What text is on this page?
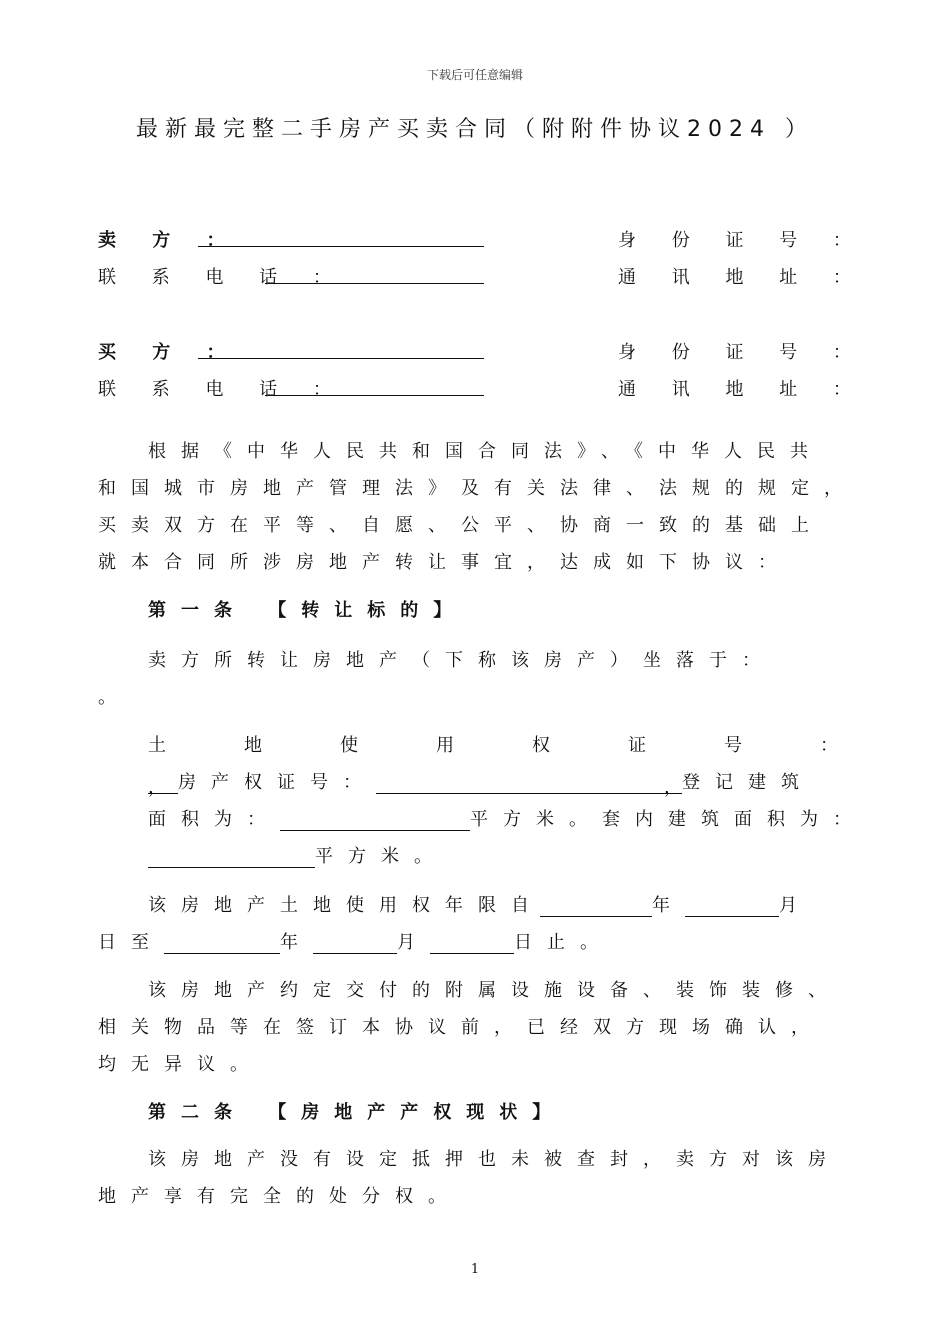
下载后可任意编辑
最新最完整二手房产买卖合同（附附件协议2024 ）
卖 方 ：	身 份 证 号 ：
联 系 电 话 ：	通 讯 地 址 ：
买 方 ：	身 份 证 号 ：
联 系 电 话 ：	通 讯 地 址 ：
根据《中华人民共和国合同法》、《中华人民共
和国城市房地产管理法》及有关法律、法规的规定，
买卖双方在平等、自愿、公平、协商一致的基础上
就本合同所涉房地产转让事宜，达成如下协议：
第一条 【转让标的】
卖方所转让房地产（下称该房产）坐落于：
。
土地使用权证号：
， 房产权证号：	， 登记建筑
面积为：	平方米。套内建筑面积为：
平方米。
该房地产土地使用权年限自	年	月
日至	年	月	日止。
该房地产约定交付的附属设施设备、装饰装修、
相关物品等在签订本协议前，已经双方现场确认，
均无异议。
第二条 【房地产产权现状】
该房地产没有设定抵押也未被查封，卖方对该房
地产享有完全的处分权。
1
